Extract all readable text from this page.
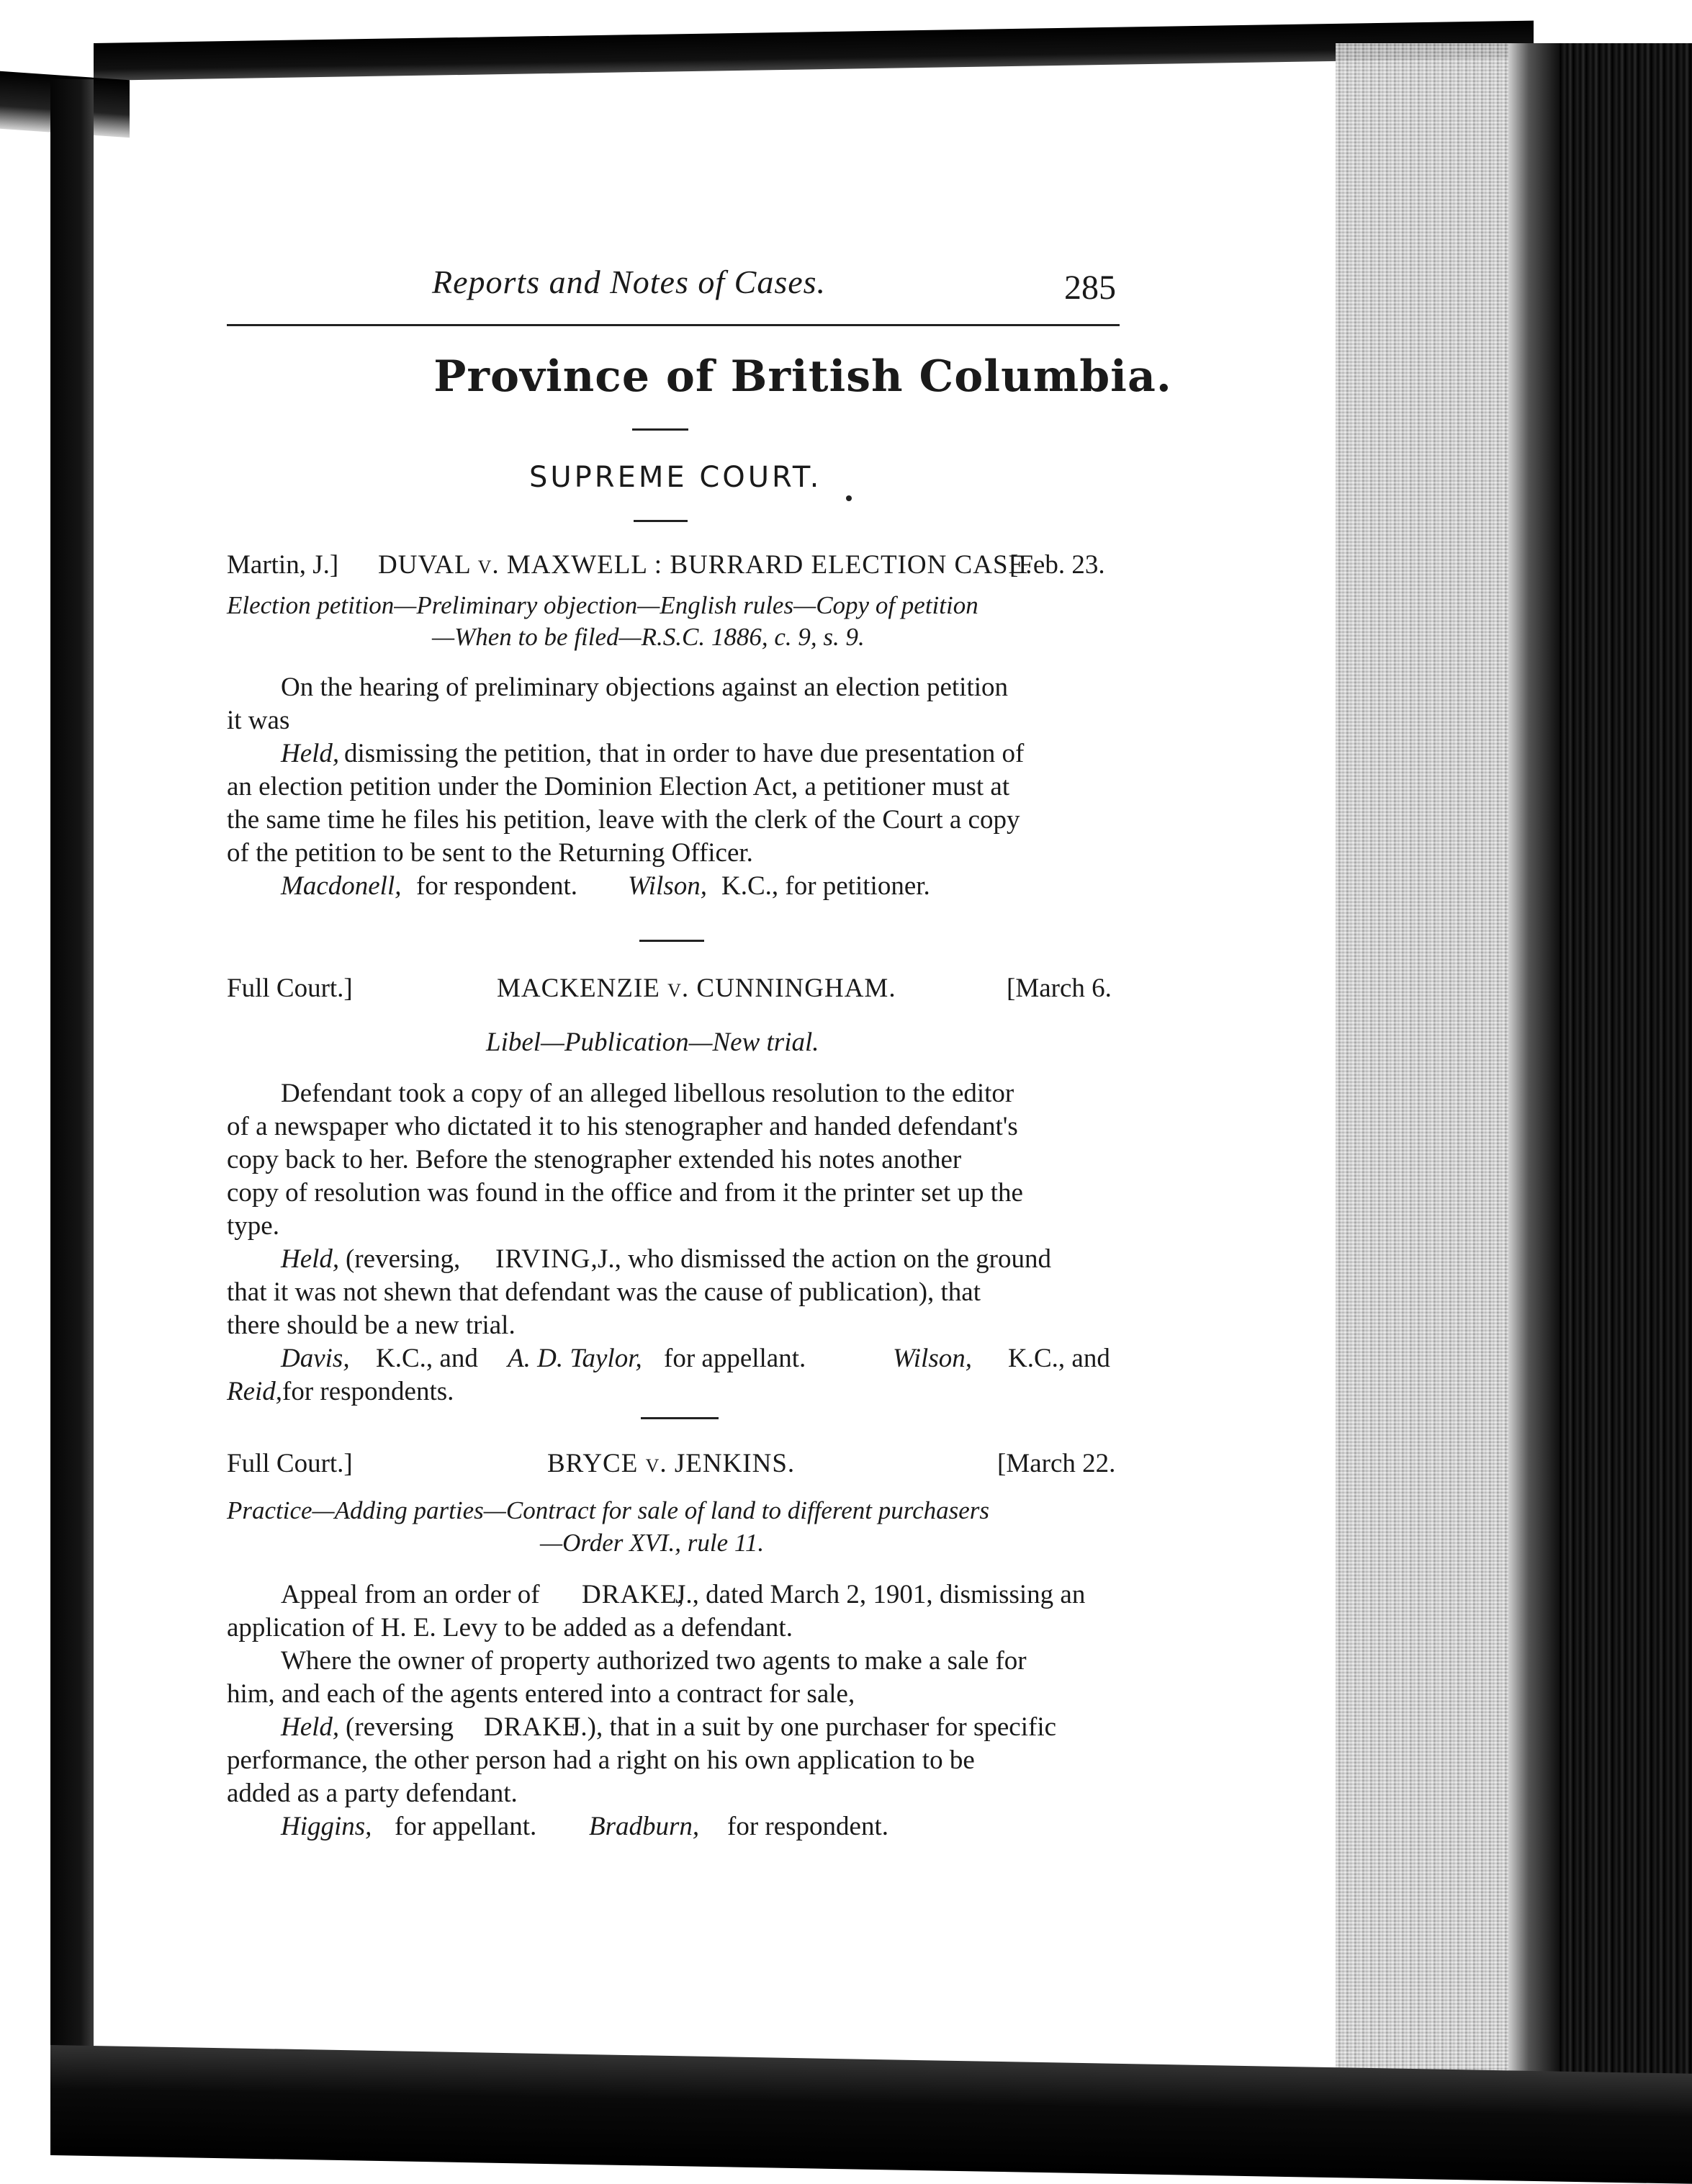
Reports and Notes of Cases.	285
Province of British Columbia.
SUPREME COURT.
Martin, J.] DUVAL v. MAXWELL : BURRARD ELECTION CASE.
[Feb. 23.
Election petition—Preliminary objection—English rules—Copy of petition
—When to be filed—R.S.C. 1886, c. 9, s. 9.
On the hearing of preliminary objections against an election petition
it was
Held, dismissing the petition, that in order to have due presentation of
an election petition under the Dominion Election Act, a petitioner must at
the same time he files his petition, leave with the clerk of the Court a copy
of the petition to be sent to the Returning Officer.
Macdonell, for respondent. Wilson, K.C., for petitioner.
Full Court.]	MACKENZIE v. CUNNINGHAM.	[March 6.
Libel—Publication—New trial.
Defendant took a copy of an alleged libellous resolution to the editor
of a newspaper who dictated it to his stenographer and handed defendant's
copy back to her. Before the stenographer extended his notes another
copy of resolution was found in the office and from it the printer set up the
type.
Held, (reversing, IRVING, J., who dismissed the action on the ground
that it was not shewn that defendant was the cause of publication), that
there should be a new trial.
Davis, K.C., and A. D. Taylor, for appellant.	Wilson, K.C., and
Reid, for respondents.
Full Court.]	BRYCE v. JENKINS.	[March 22.
Practice—Adding parties—Contract for sale of land to different purchasers
—Order XVI., rule 11.
Appeal from an order of DRAKE,
J., dated March 2, 1901, dismissing an
application of H. E. Levy to be added as a defendant.
Where the owner of property authorized two agents to make a sale for
him, and each of the agents entered into a contract for sale,
Held, (reversing DRAKE
J.), that in a suit by one purchaser for specific
performance, the other person had a right on his own application to be
added as a party defendant.
Higgins, for appellant. Bradburn, for respondent.
